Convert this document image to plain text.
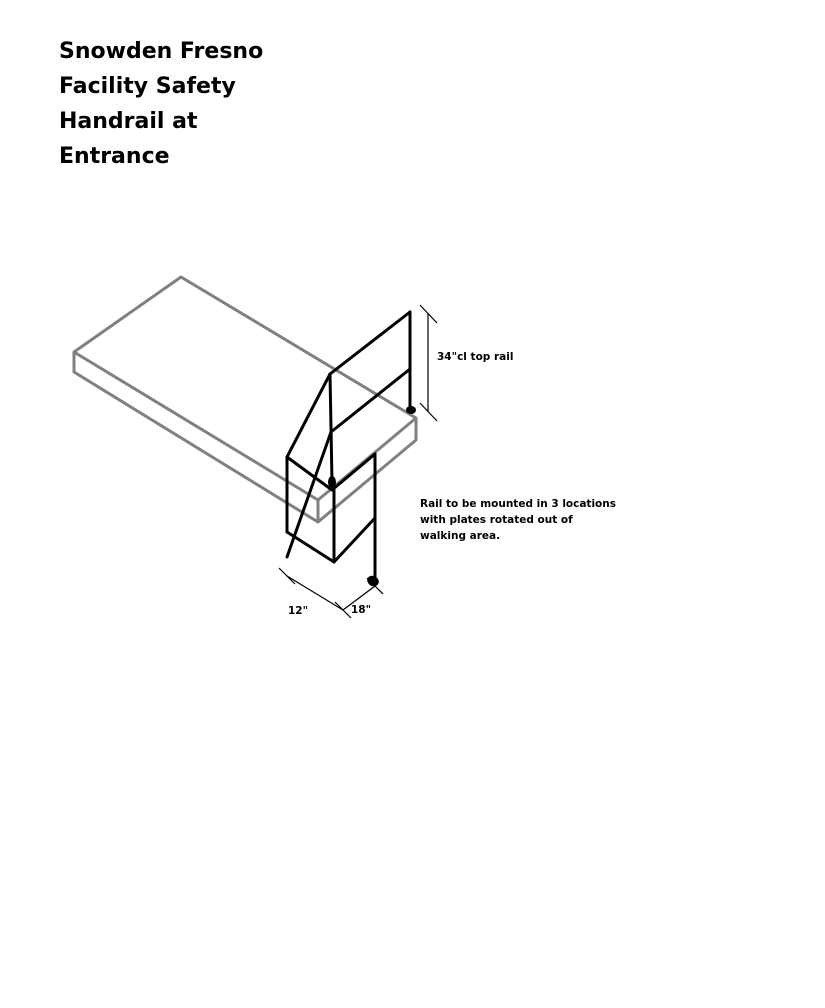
Snowden Fresno

Facility Safety

Handrail at

Entrance

34"cl top rail
12"	18"
Rail to be mounted in 3 locations
with plates rotated out of
walking area.
